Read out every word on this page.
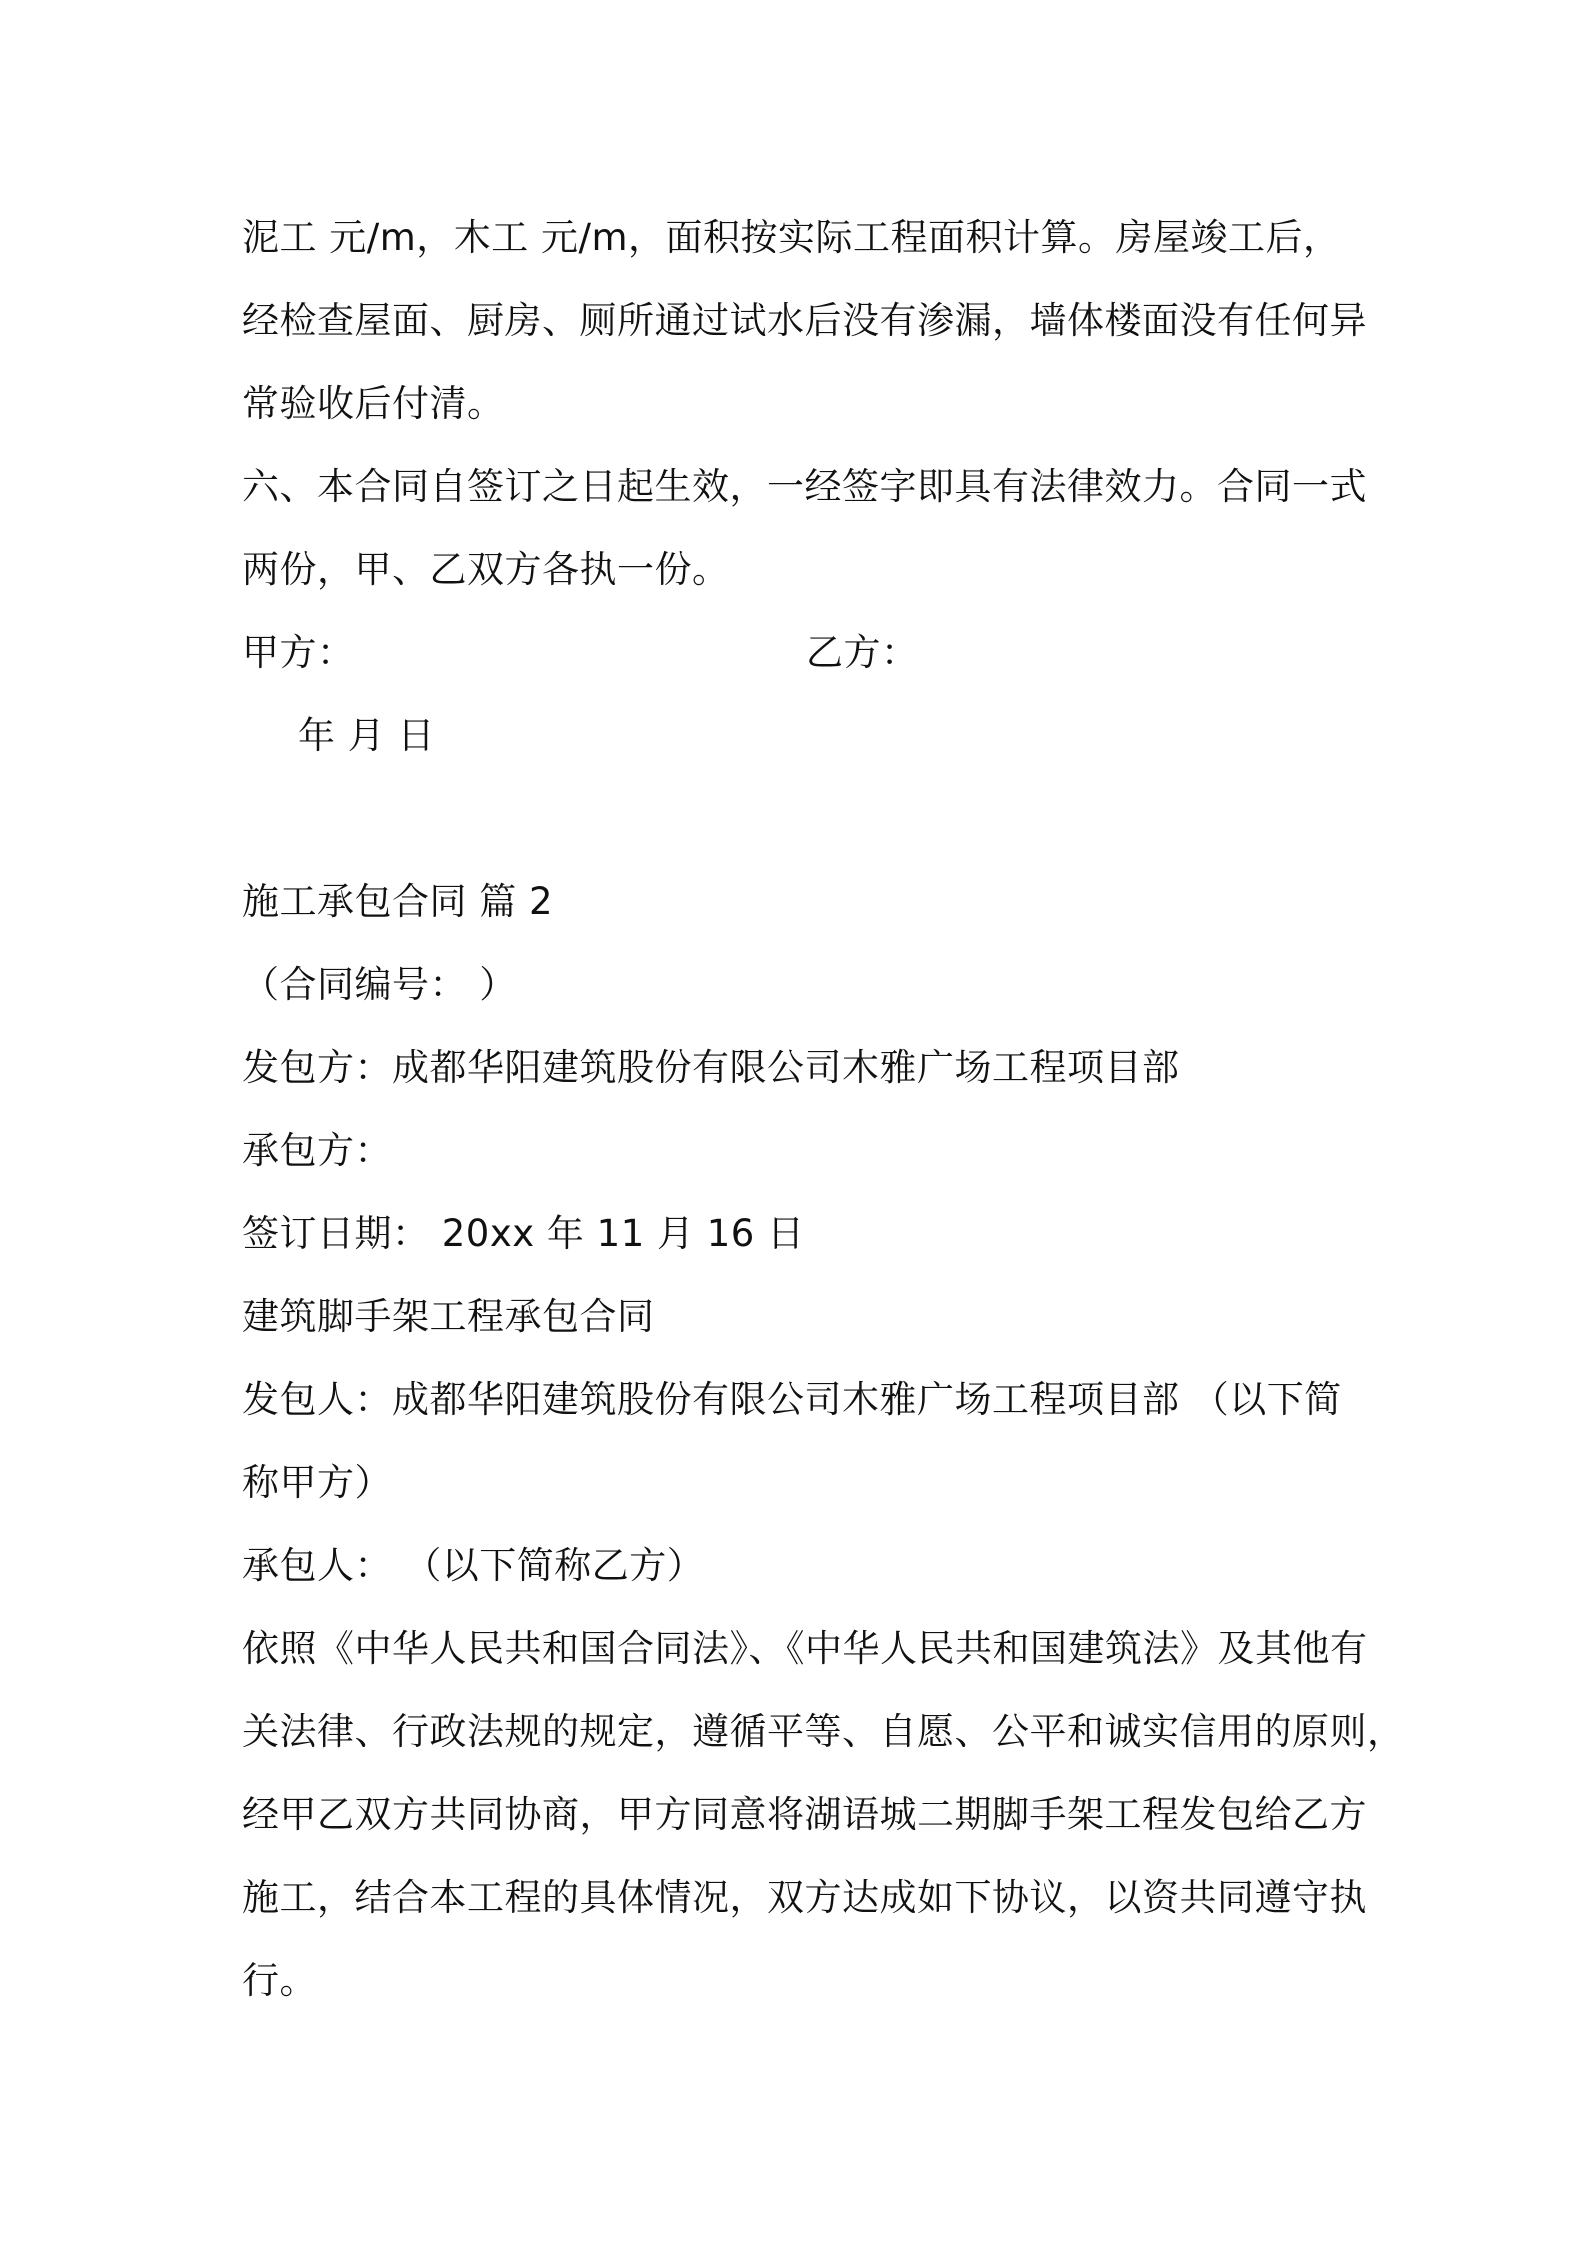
泥工 元/m，木工 元/m，面积按实际工程面积计算。房屋竣工后，
经检查屋面、厨房、厕所通过试水后没有渗漏，墙体楼面没有任何异
常验收后付清。
六、本合同自签订之日起生效，一经签字即具有法律效力。合同一式
两份，甲、乙双方各执一份。
甲方：	乙方：
年 月 日
施工承包合同 篇 2
（合同编号： ）
发包方：成都华阳建筑股份有限公司木雅广场工程项目部
承包方：
签订日期： 20xx 年 11 月 16 日
建筑脚手架工程承包合同
发包人：成都华阳建筑股份有限公司木雅广场工程项目部 （以下简
称甲方）
承包人： （以下简称乙方）
依照《中华人民共和国合同法》、《中华人民共和国建筑法》及其他有
关法律、行政法规的规定，遵循平等、自愿、公平和诚实信用的原则，
经甲乙双方共同协商，甲方同意将湖语城二期脚手架工程发包给乙方
施工，结合本工程的具体情况，双方达成如下协议，以资共同遵守执
行。
